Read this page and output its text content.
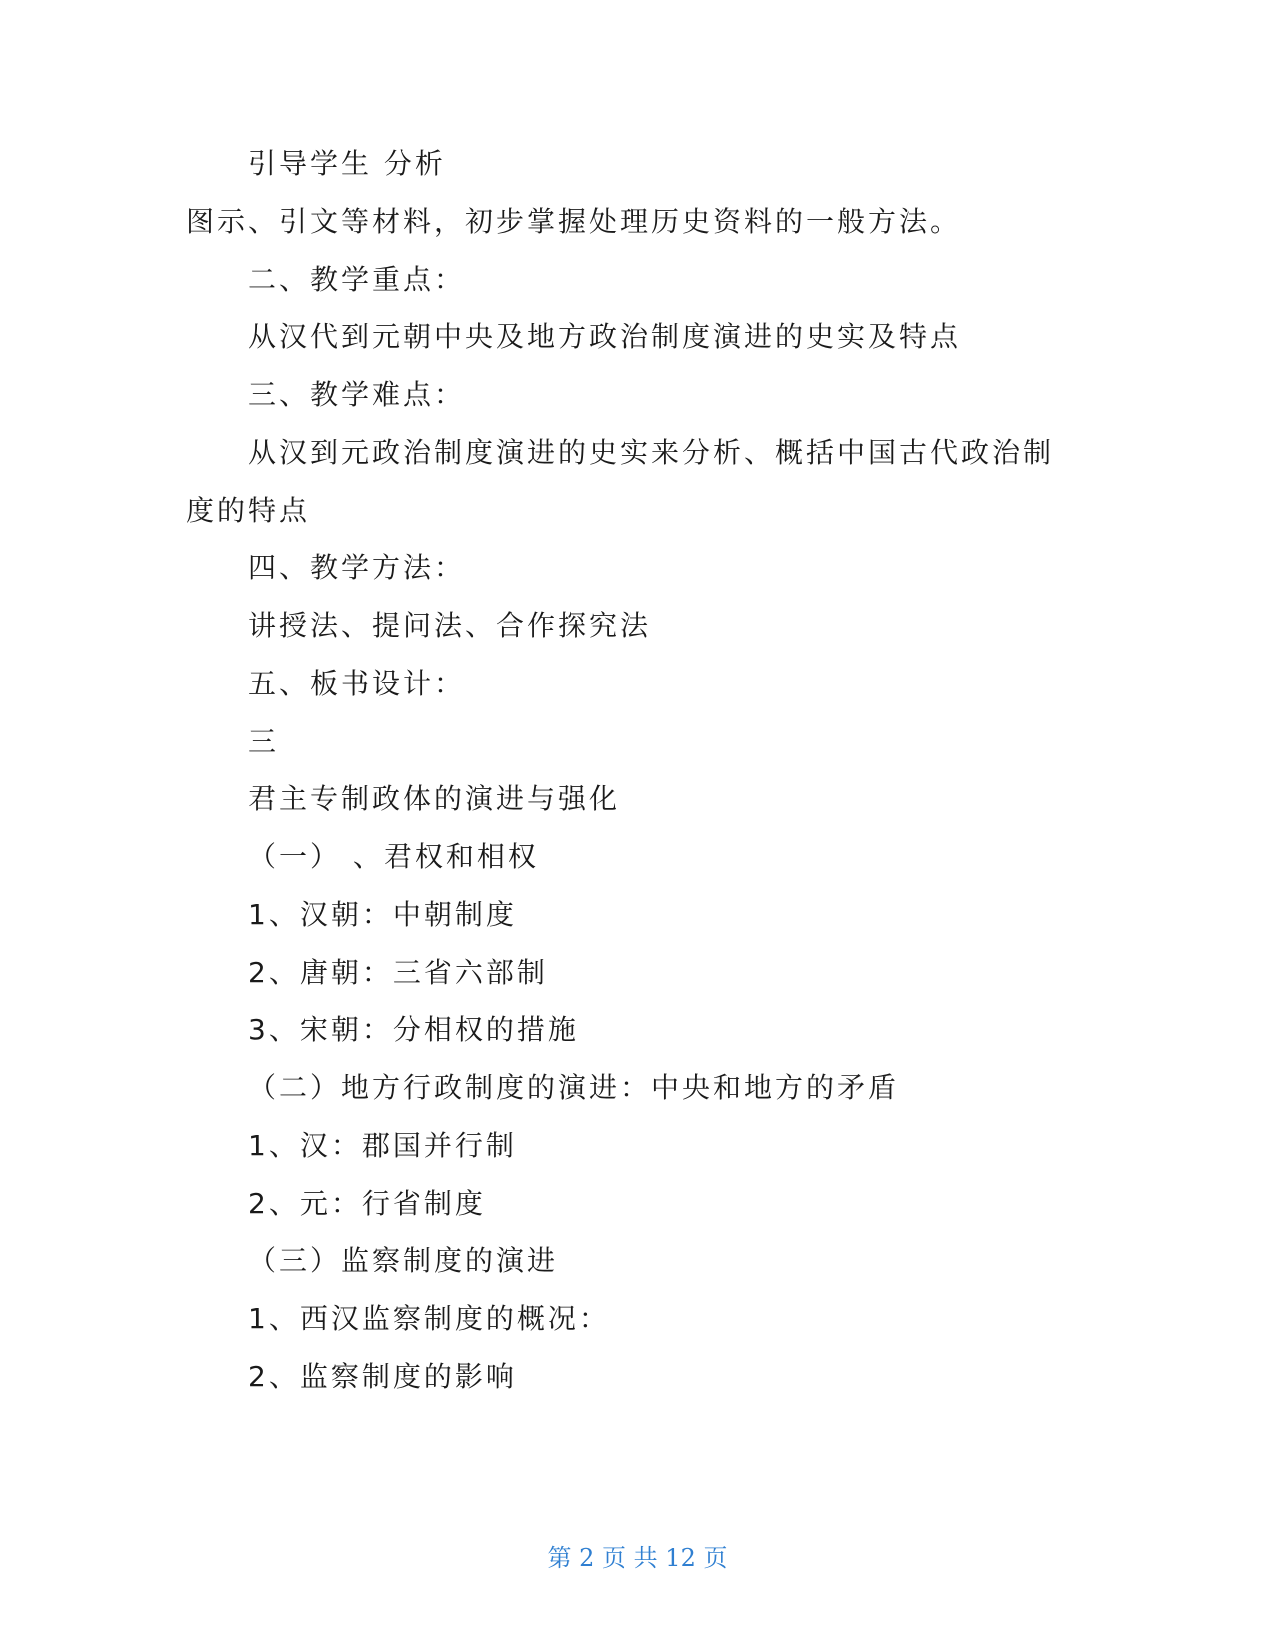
引导学生 分析
图示、引文等材料，初步掌握处理历史资料的一般方法。
二、教学重点：
从汉代到元朝中央及地方政治制度演进的史实及特点
三、教学难点：
从汉到元政治制度演进的史实来分析、概括中国古代政治制
度的特点
四、教学方法：
讲授法、提问法、合作探究法
五、板书设计：
三
君主专制政体的演进与强化
（一） 、君权和相权
1、汉朝：中朝制度
2、唐朝：三省六部制
3、宋朝：分相权的措施
（二）地方行政制度的演进：中央和地方的矛盾
1、汉：郡国并行制
2、元：行省制度
（三）监察制度的演进
1、西汉监察制度的概况：
2、监察制度的影响
第 2 页 共 12 页
